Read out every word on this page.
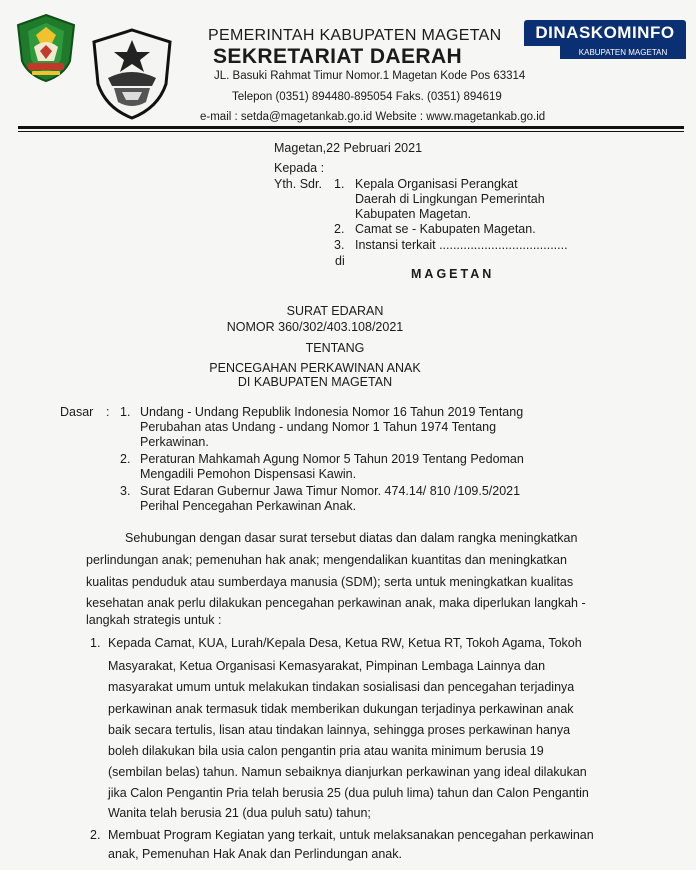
PEMERINTAH KABUPATEN MAGETAN
SEKRETARIAT DAERAH
JL. Basuki Rahmat Timur Nomor.1 Magetan Kode Pos 63314
Telepon (0351) 894480-895054 Faks. (0351) 894619
e-mail : setda@magetankab.go.id Website : www.magetankab.go.id
DINASKOMINFO
KABUPATEN MAGETAN
Magetan,22 Pebruari 2021
Kepada :
Yth. Sdr. 1. Kepala Organisasi Perangkat
Daerah di Lingkungan Pemerintah
Kabupaten Magetan.
2. Camat se - Kabupaten Magetan.
3. Instansi terkait .....................................
di
MAGETAN
SURAT EDARAN
NOMOR 360/302/403.108/2021
TENTANG
PENCEGAHAN PERKAWINAN ANAK
DI KABUPATEN MAGETAN
Dasar : 1. Undang - Undang Republik Indonesia Nomor 16 Tahun 2019 Tentang
Perubahan atas Undang - undang Nomor 1 Tahun 1974 Tentang
Perkawinan.
2. Peraturan Mahkamah Agung Nomor 5 Tahun 2019 Tentang Pedoman
Mengadili Pemohon Dispensasi Kawin.
3. Surat Edaran Gubernur Jawa Timur Nomor. 474.14/ 810 /109.5/2021
Perihal Pencegahan Perkawinan Anak.
Sehubungan dengan dasar surat tersebut diatas dan dalam rangka meningkatkan
perlindungan anak; pemenuhan hak anak; mengendalikan kuantitas dan meningkatkan
kualitas penduduk atau sumberdaya manusia (SDM); serta untuk meningkatkan kualitas
kesehatan anak perlu dilakukan pencegahan perkawinan anak, maka diperlukan langkah -
langkah strategis untuk :
1. Kepada Camat, KUA, Lurah/Kepala Desa, Ketua RW, Ketua RT, Tokoh Agama, Tokoh
Masyarakat, Ketua Organisasi Kemasyarakat, Pimpinan Lembaga Lainnya dan
masyarakat umum untuk melakukan tindakan sosialisasi dan pencegahan terjadinya
perkawinan anak termasuk tidak memberikan dukungan terjadinya perkawinan anak
baik secara tertulis, lisan atau tindakan lainnya, sehingga proses perkawinan hanya
boleh dilakukan bila usia calon pengantin pria atau wanita minimum berusia 19
(sembilan belas) tahun. Namun sebaiknya dianjurkan perkawinan yang ideal dilakukan
jika Calon Pengantin Pria telah berusia 25 (dua puluh lima) tahun dan Calon Pengantin
Wanita telah berusia 21 (dua puluh satu) tahun;
2. Membuat Program Kegiatan yang terkait, untuk melaksanakan pencegahan perkawinan
anak, Pemenuhan Hak Anak dan Perlindungan anak.
